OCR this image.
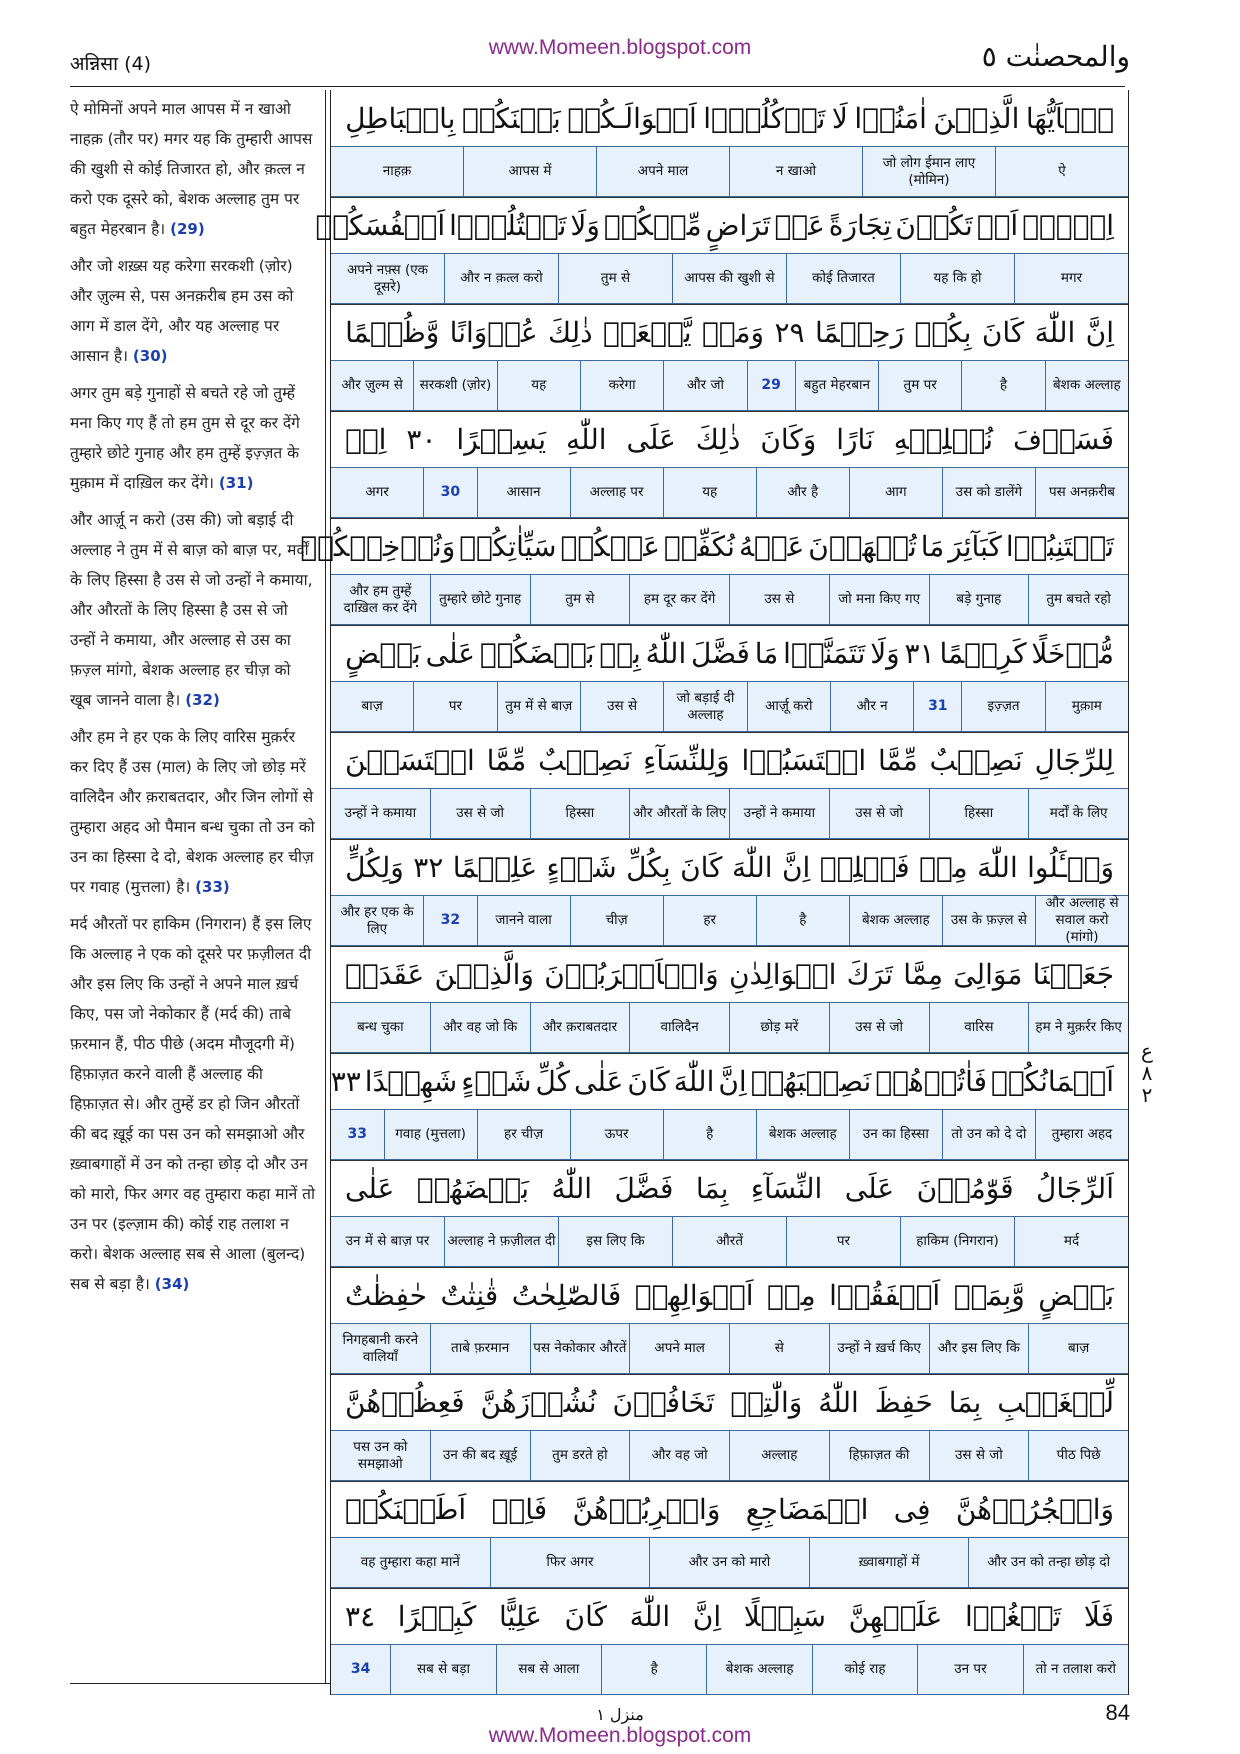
अन्निसा (4)
www.Momeen.blogspot.com	والمحصنٰت ٥

ऐ मोमिनों अपने माल आपस में न खाओ नाहक़ (तौर पर) मगर यह कि तुम्हारी आपस की खुशी से कोई तिजारत हो, और क़त्ल न करो एक दूसरे को, बेशक अल्लाह तुम पर बहुत मेहरबान है। (29)

और जो शख़्स यह करेगा सरकशी (ज़ोर) और ज़ुल्म से, पस अनक़रीब हम उस को आग में डाल देंगे, और यह अल्लाह पर आसान है। (30)

अगर तुम बड़े गुनाहों से बचते रहे जो तुम्हें मना किए गए हैं तो हम तुम से दूर कर देंगे तुम्हारे छोटे गुनाह और हम तुम्हें इज़्ज़त के मुक़ाम में दाख़िल कर देंगे। (31)

और आर्ज़ू न करो (उस की) जो बड़ाई दी अल्लाह ने तुम में से बाज़ को बाज़ पर, मर्दों के लिए हिस्सा है उस से जो उन्हों ने कमाया, और औरतों के लिए हिस्सा है उस से जो उन्हों ने कमाया, और अल्लाह से उस का फ़ज़्ल मांगो, बेशक अल्लाह हर चीज़ को खूब जानने वाला है। (32)

और हम ने हर एक के लिए वारिस मुक़र्रर कर दिए हैं उस (माल) के लिए जो छोड़ मरें वालिदैन और क़राबतदार, और जिन लोगों से तुम्हारा अहद ओ पैमान बन्ध चुका तो उन को उन का हिस्सा दे दो, बेशक अल्लाह हर चीज़ पर गवाह (मुत्तला) है। (33)

मर्द औरतों पर हाकिम (निगरान) हैं इस लिए कि अल्लाह ने एक को दूसरे पर फ़ज़ीलत दी और इस लिए कि उन्हों ने अपने माल ख़र्च किए, पस जो नेकोकार हैं (मर्द की) ताबे फ़रमान हैं, पीठ पीछे (अदम मौजूदगी में) हिफ़ाज़त करने वाली हैं अल्लाह की हिफ़ाज़त से। और तुम्हें डर हो जिन औरतों की बद ख़ूई का पस उन को समझाओ और ख़्वाबगाहों में उन को तन्हा छोड़ दो और उन को मारो, फिर अगर वह तुम्हारा कहा मानें तो उन पर (इल्ज़ाम की) कोई राह तलाश न करो। बेशक अल्लाह सब से आला (बुलन्द) सब से बड़ा है। (34)

يٰۤاَيُّهَا
الَّذِيۡنَ
اٰمَنُوۡا
لَا
تَاۡكُلُوۡۤا
اَمۡوَالَـكُمۡ
بَيۡنَكُمۡ
بِالۡبَاطِلِ
ऐ
जो लोग ईमान लाए (मोमिन)
न खाओ
अपने माल
आपस में
नाहक़
اِلَّاۤ
اَنۡ
تَكُوۡنَ
تِجَارَةً
عَنۡ
تَرَاضٍ
مِّنۡكُمۡ
وَلَا
تَقۡتُلُوۡۤا
اَنۡفُسَكُمۡ
मगर
यह कि हो
कोई तिजारत
आपस की खुशी से
तुम से
और न क़त्ल करो
अपने नफ़्स (एक दूसरे)
اِنَّ
اللّٰهَ
كَانَ
بِكُمۡ
رَحِيۡمًا
٢٩
وَمَنۡ
يَّفۡعَلۡ
ذٰلِكَ
عُدۡوَانًا
وَّظُلۡمًا
बेशक अल्लाह
है
तुम पर
बहुत मेहरबान
29
और जो
करेगा
यह
सरकशी (ज़ोर)
और ज़ुल्म से
فَسَوۡفَ
نُصۡلِيۡهِ
نَارًا
وَكَانَ
ذٰلِكَ
عَلَى
اللّٰهِ
يَسِيۡرًا
٣٠
اِنۡ
पस अनक़रीब
उस को डालेंगे
आग
और है
यह
अल्लाह पर
आसान
30
अगर
تَجۡتَنِبُوۡا
كَبَآئِرَ
مَا
تُنۡهَوۡنَ
عَنۡهُ
نُكَفِّرۡ
عَنۡكُمۡ
سَيِّاٰتِكُمۡ
وَنُدۡخِلۡكُمۡ
तुम बचते रहो
बड़े गुनाह
जो मना किए गए
उस से
हम दूर कर देंगे
तुम से
तुम्हारे छोटे गुनाह
और हम तुम्हें दाख़िल कर देंगे
مُّدۡخَلًا
كَرِيۡمًا
٣١
وَلَا
تَتَمَنَّوۡا
مَا
فَضَّلَ
اللّٰهُ
بِهٖ
بَعۡضَكُمۡ
عَلٰى
بَعۡضٍ
मुक़ाम
इज़्ज़त
31
और न
आर्ज़ू करो
जो बड़ाई दी अल्लाह
उस से
तुम में से बाज़
पर
बाज़
لِلرِّجَالِ
نَصِيۡبٌ
مِّمَّا
اكۡتَسَبُوۡا
وَلِلنِّسَآءِ
نَصِيۡبٌ
مِّمَّا
اكۡتَسَبۡنَ
मर्दों के लिए
हिस्सा
उस से जो
उन्हों ने कमाया
और औरतों के लिए
हिस्सा
उस से जो
उन्हों ने कमाया
وَسۡـَٔلُوا
اللّٰهَ
مِنۡ
فَضۡلِهٖ
اِنَّ
اللّٰهَ
كَانَ
بِكُلِّ
شَىۡءٍ
عَلِيۡمًا
٣٢
وَلِكُلٍّ
और अल्लाह से सवाल करो (मांगो)
उस के फ़ज़्ल से
बेशक अल्लाह
है
हर
चीज़
जानने वाला
32
और हर एक के लिए
جَعَلۡنَا
مَوَالِىَ
مِمَّا
تَرَكَ
الۡوَالِدٰنِ
وَالۡاَقۡرَبُوۡنَ
وَالَّذِيۡنَ
عَقَدَتۡ
हम ने मुक़र्रर किए
वारिस
उस से जो
छोड़ मरें
वालिदैन
और क़राबतदार
और वह जो कि
बन्ध चुका
اَيۡمَانُكُمۡ
فَاٰتُوۡهُمۡ
نَصِيۡبَهُمۡ
اِنَّ
اللّٰهَ
كَانَ
عَلٰى
كُلِّ
شَىۡءٍ
شَهِيۡدًا
٣٣
तुम्हारा अहद
तो उन को दे दो
उन का हिस्सा
बेशक अल्लाह
है
ऊपर
हर चीज़
गवाह (मुत्तला)
33
اَلرِّجَالُ
قَوّٰمُوۡنَ
عَلَى
النِّسَآءِ
بِمَا
فَضَّلَ
اللّٰهُ
بَعۡضَهُمۡ
عَلٰى
मर्द
हाकिम (निगरान)
पर
औरतें
इस लिए कि
अल्लाह ने फ़ज़ीलत दी
उन में से बाज़ पर
بَعۡضٍ
وَّبِمَاۤ
اَنۡفَقُوۡا
مِنۡ
اَمۡوَالِهِمۡ
فَالصّٰلِحٰتُ
قٰنِتٰتٌ
حٰفِظٰتٌ
बाज़
और इस लिए कि
उन्हों ने ख़र्च किए
से
अपने माल
पस नेकोकार औरतें
ताबे फ़रमान
निगहबानी करने वालियाँ
لِّلۡغَيۡبِ
بِمَا
حَفِظَ
اللّٰهُ
وَالّٰتِىۡ
تَخَافُوۡنَ
نُشُوۡزَهُنَّ
فَعِظُوۡهُنَّ
पीठ पिछे
उस से जो
हिफ़ाज़त की
अल्लाह
और वह जो
तुम डरते हो
उन की बद ख़ूई
पस उन को समझाओ
وَاهۡجُرُوۡهُنَّ
فِى
الۡمَضَاجِعِ
وَاضۡرِبُوۡهُنَّ
فَاِنۡ
اَطَعۡنَكُمۡ
और उन को तन्हा छोड़ दो
ख़्वाबगाहों में
और उन को मारो
फिर अगर
वह तुम्हारा कहा मानें
فَلَا
تَبۡغُوۡا
عَلَيۡهِنَّ
سَبِيۡلًا
اِنَّ
اللّٰهَ
كَانَ
عَلِيًّا
كَبِيۡرًا
٣٤
तो न तलाश करो
उन पर
कोई राह
बेशक अल्लाह
है
सब से आला
सब से बड़ा
34
ع
٨
٢
منزل ١	84
www.Momeen.blogspot.com
